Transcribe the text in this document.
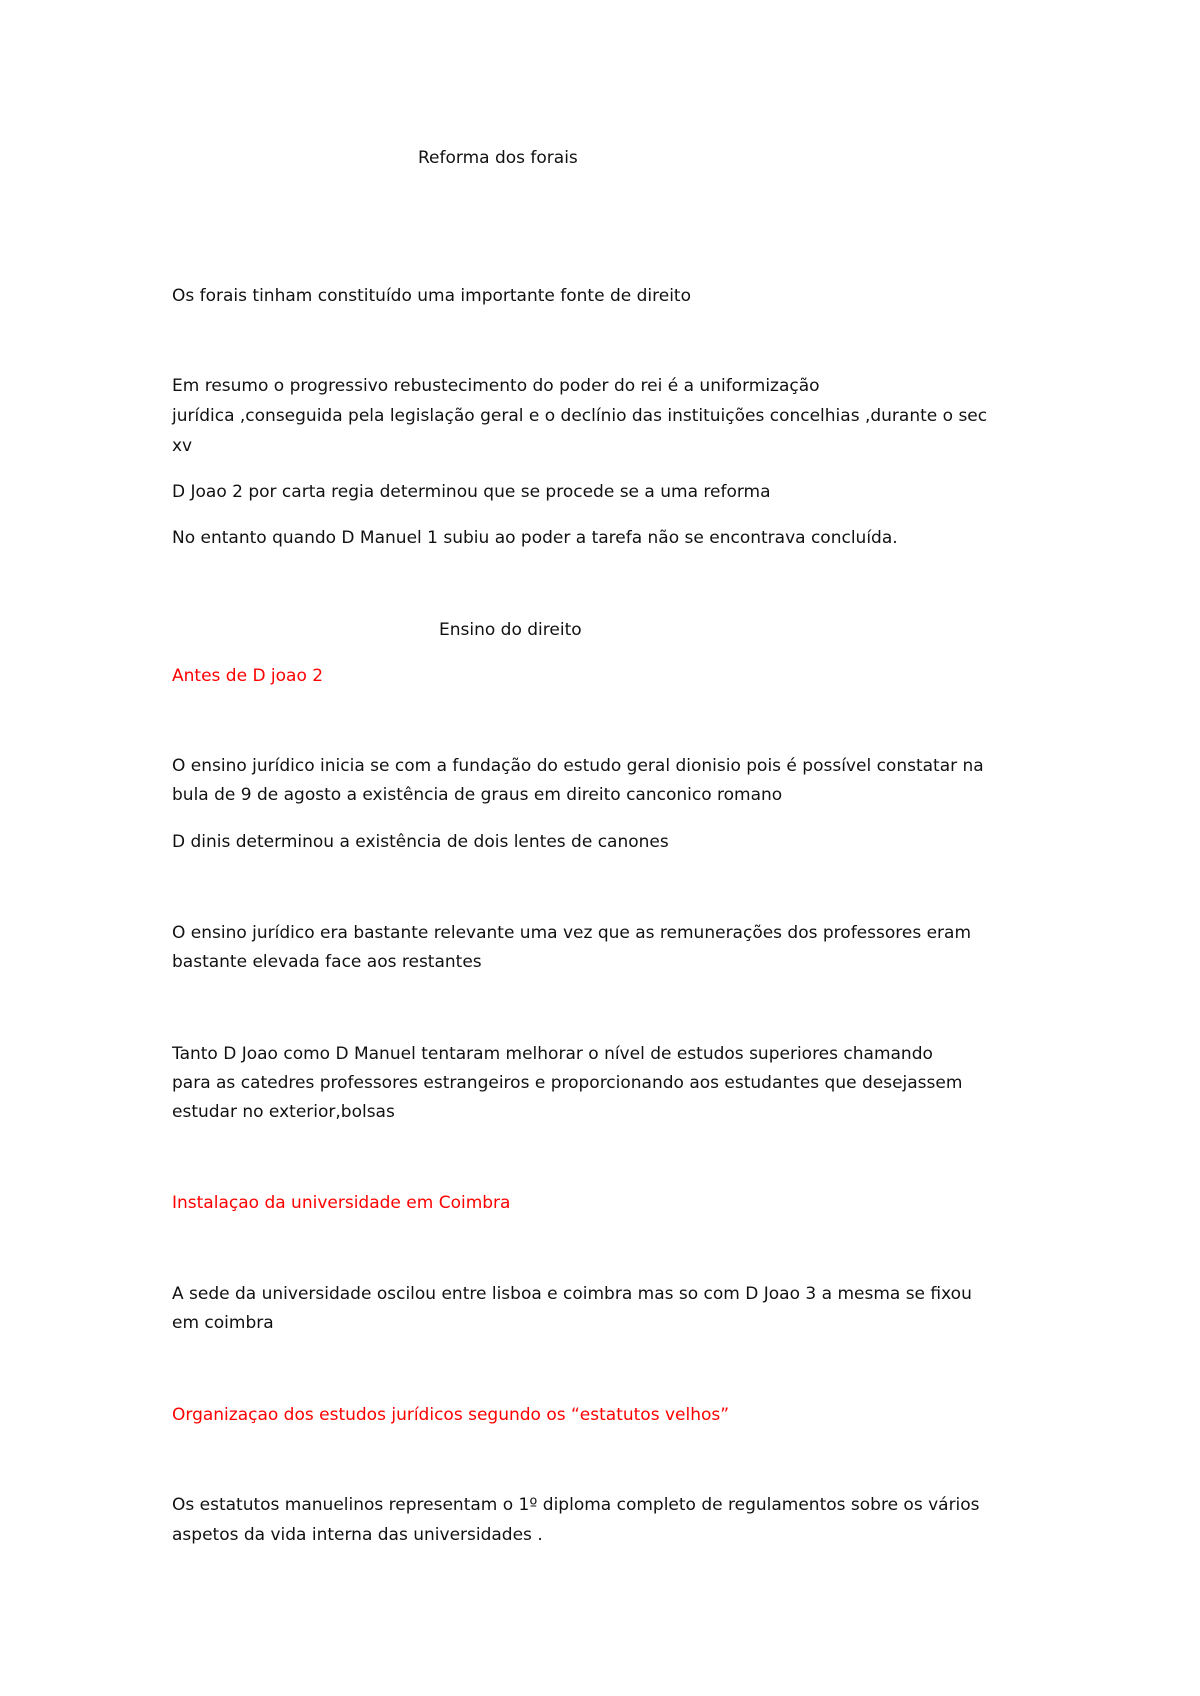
Reforma dos forais

Os forais tinham constituído uma importante fonte de direito

Em resumo o progressivo rebustecimento do poder do rei é a uniformização

jurídica ,conseguida pela legislação geral e o declínio das instituições concelhias ,durante o sec

xv

D Joao 2 por carta regia determinou que se procede se a uma reforma

No entanto quando D Manuel 1 subiu ao poder a tarefa não se encontrava concluída.

Ensino do direito

Antes de D joao 2

O ensino jurídico inicia se com a fundação do estudo geral dionisio pois é possível constatar na

bula de 9 de agosto a existência de graus em direito canconico romano

D dinis determinou a existência de dois lentes de canones

O ensino jurídico era bastante relevante uma vez que as remunerações dos professores eram

bastante elevada face aos restantes

Tanto D Joao como D Manuel tentaram melhorar o nível de estudos superiores chamando

para as catedres professores estrangeiros e proporcionando aos estudantes que desejassem

estudar no exterior,bolsas

Instalaçao da universidade em Coimbra

A sede da universidade oscilou entre lisboa e coimbra mas so com D Joao 3 a mesma se fixou

em coimbra

Organizaçao dos estudos jurídicos segundo os “estatutos velhos”

Os estatutos manuelinos representam o 1º diploma completo de regulamentos sobre os vários

aspetos da vida interna das universidades .
